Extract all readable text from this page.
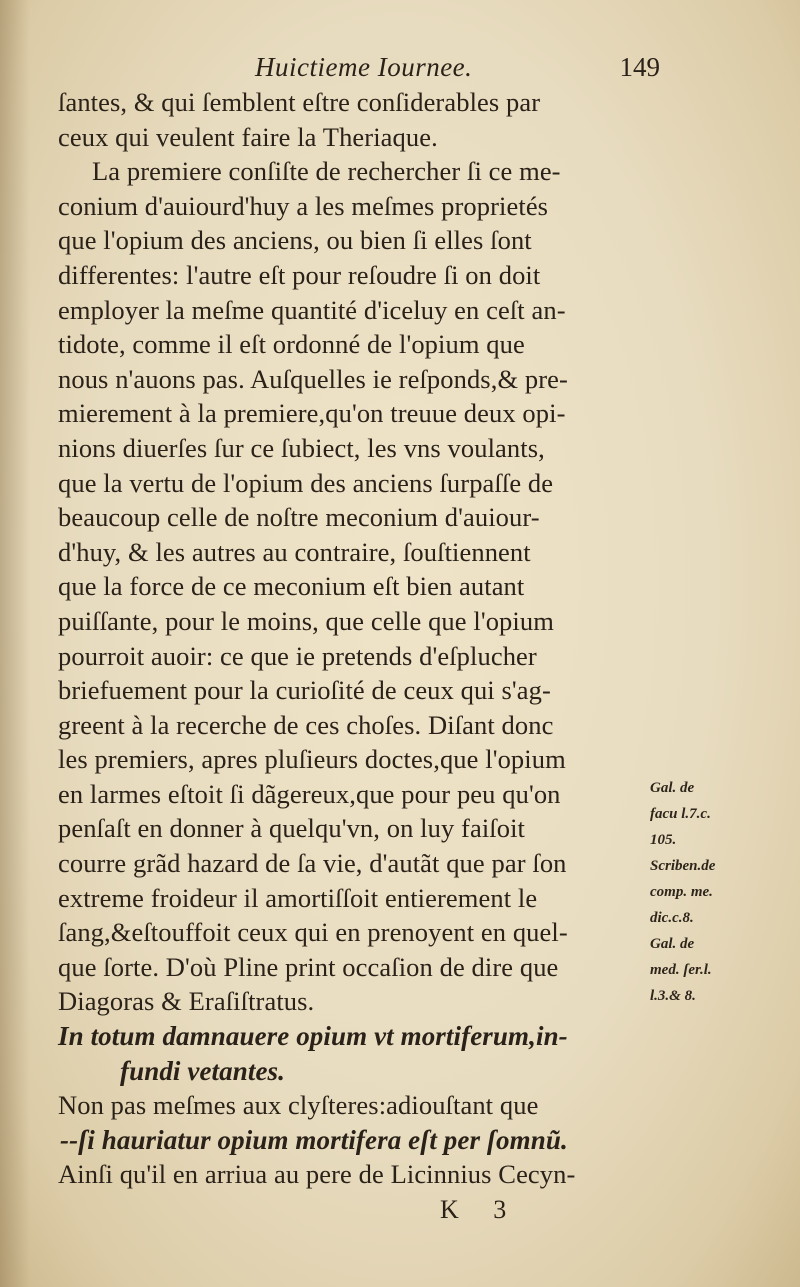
Huictieme Iournee.	149
ſantes, & qui ſemblent eſtre conſiderables par
ceux qui veulent faire la Theriaque.
La premiere conſiſte de rechercher ſi ce me-
conium d'auiourd'huy a les meſmes proprietés
que l'opium des anciens, ou bien ſi elles ſont
differentes: l'autre eſt pour reſoudre ſi on doit
employer la meſme quantité d'iceluy en ceſt an-
tidote, comme il eſt ordonné de l'opium que
nous n'auons pas. Auſquelles ie reſponds,& pre-
mierement à la premiere,qu'on treuue deux opi-
nions diuerſes ſur ce ſubiect, les vns voulants,
que la vertu de l'opium des anciens ſurpaſſe de
beaucoup celle de noſtre meconium d'auiour-
d'huy, & les autres au contraire, ſouſtiennent
que la force de ce meconium eſt bien autant
puiſſante, pour le moins, que celle que l'opium
pourroit auoir: ce que ie pretends d'eſplucher
briefuement pour la curioſité de ceux qui s'ag-
greent à la recerche de ces choſes. Diſant donc
les premiers, apres pluſieurs doctes,que l'opium
en larmes eſtoit ſi dãgereux,que pour peu qu'on
penſaſt en donner à quelqu'vn, on luy faiſoit
courre grãd hazard de ſa vie, d'autãt que par ſon
extreme froideur il amortiſſoit entierement le
ſang,&eſtouffoit ceux qui en prenoyent en quel-
que ſorte. D'où Pline print occaſion de dire que
Diagoras & Eraſiſtratus.
In totum damnauere opium vt mortiferum,in-
fundi vetantes.
Non pas meſmes aux clyſteres:adiouſtant que
--ſi hauriatur opium mortifera eſt per ſomnũ.
Ainſi qu'il en arriua au pere de Licinnius Cecyn-
Gal. de
facu l.7.c.
105.
Scriben.de
comp. me.
dic.c.8.
Gal. de
med. ſer.l.
l.3.& 8.
K 3
